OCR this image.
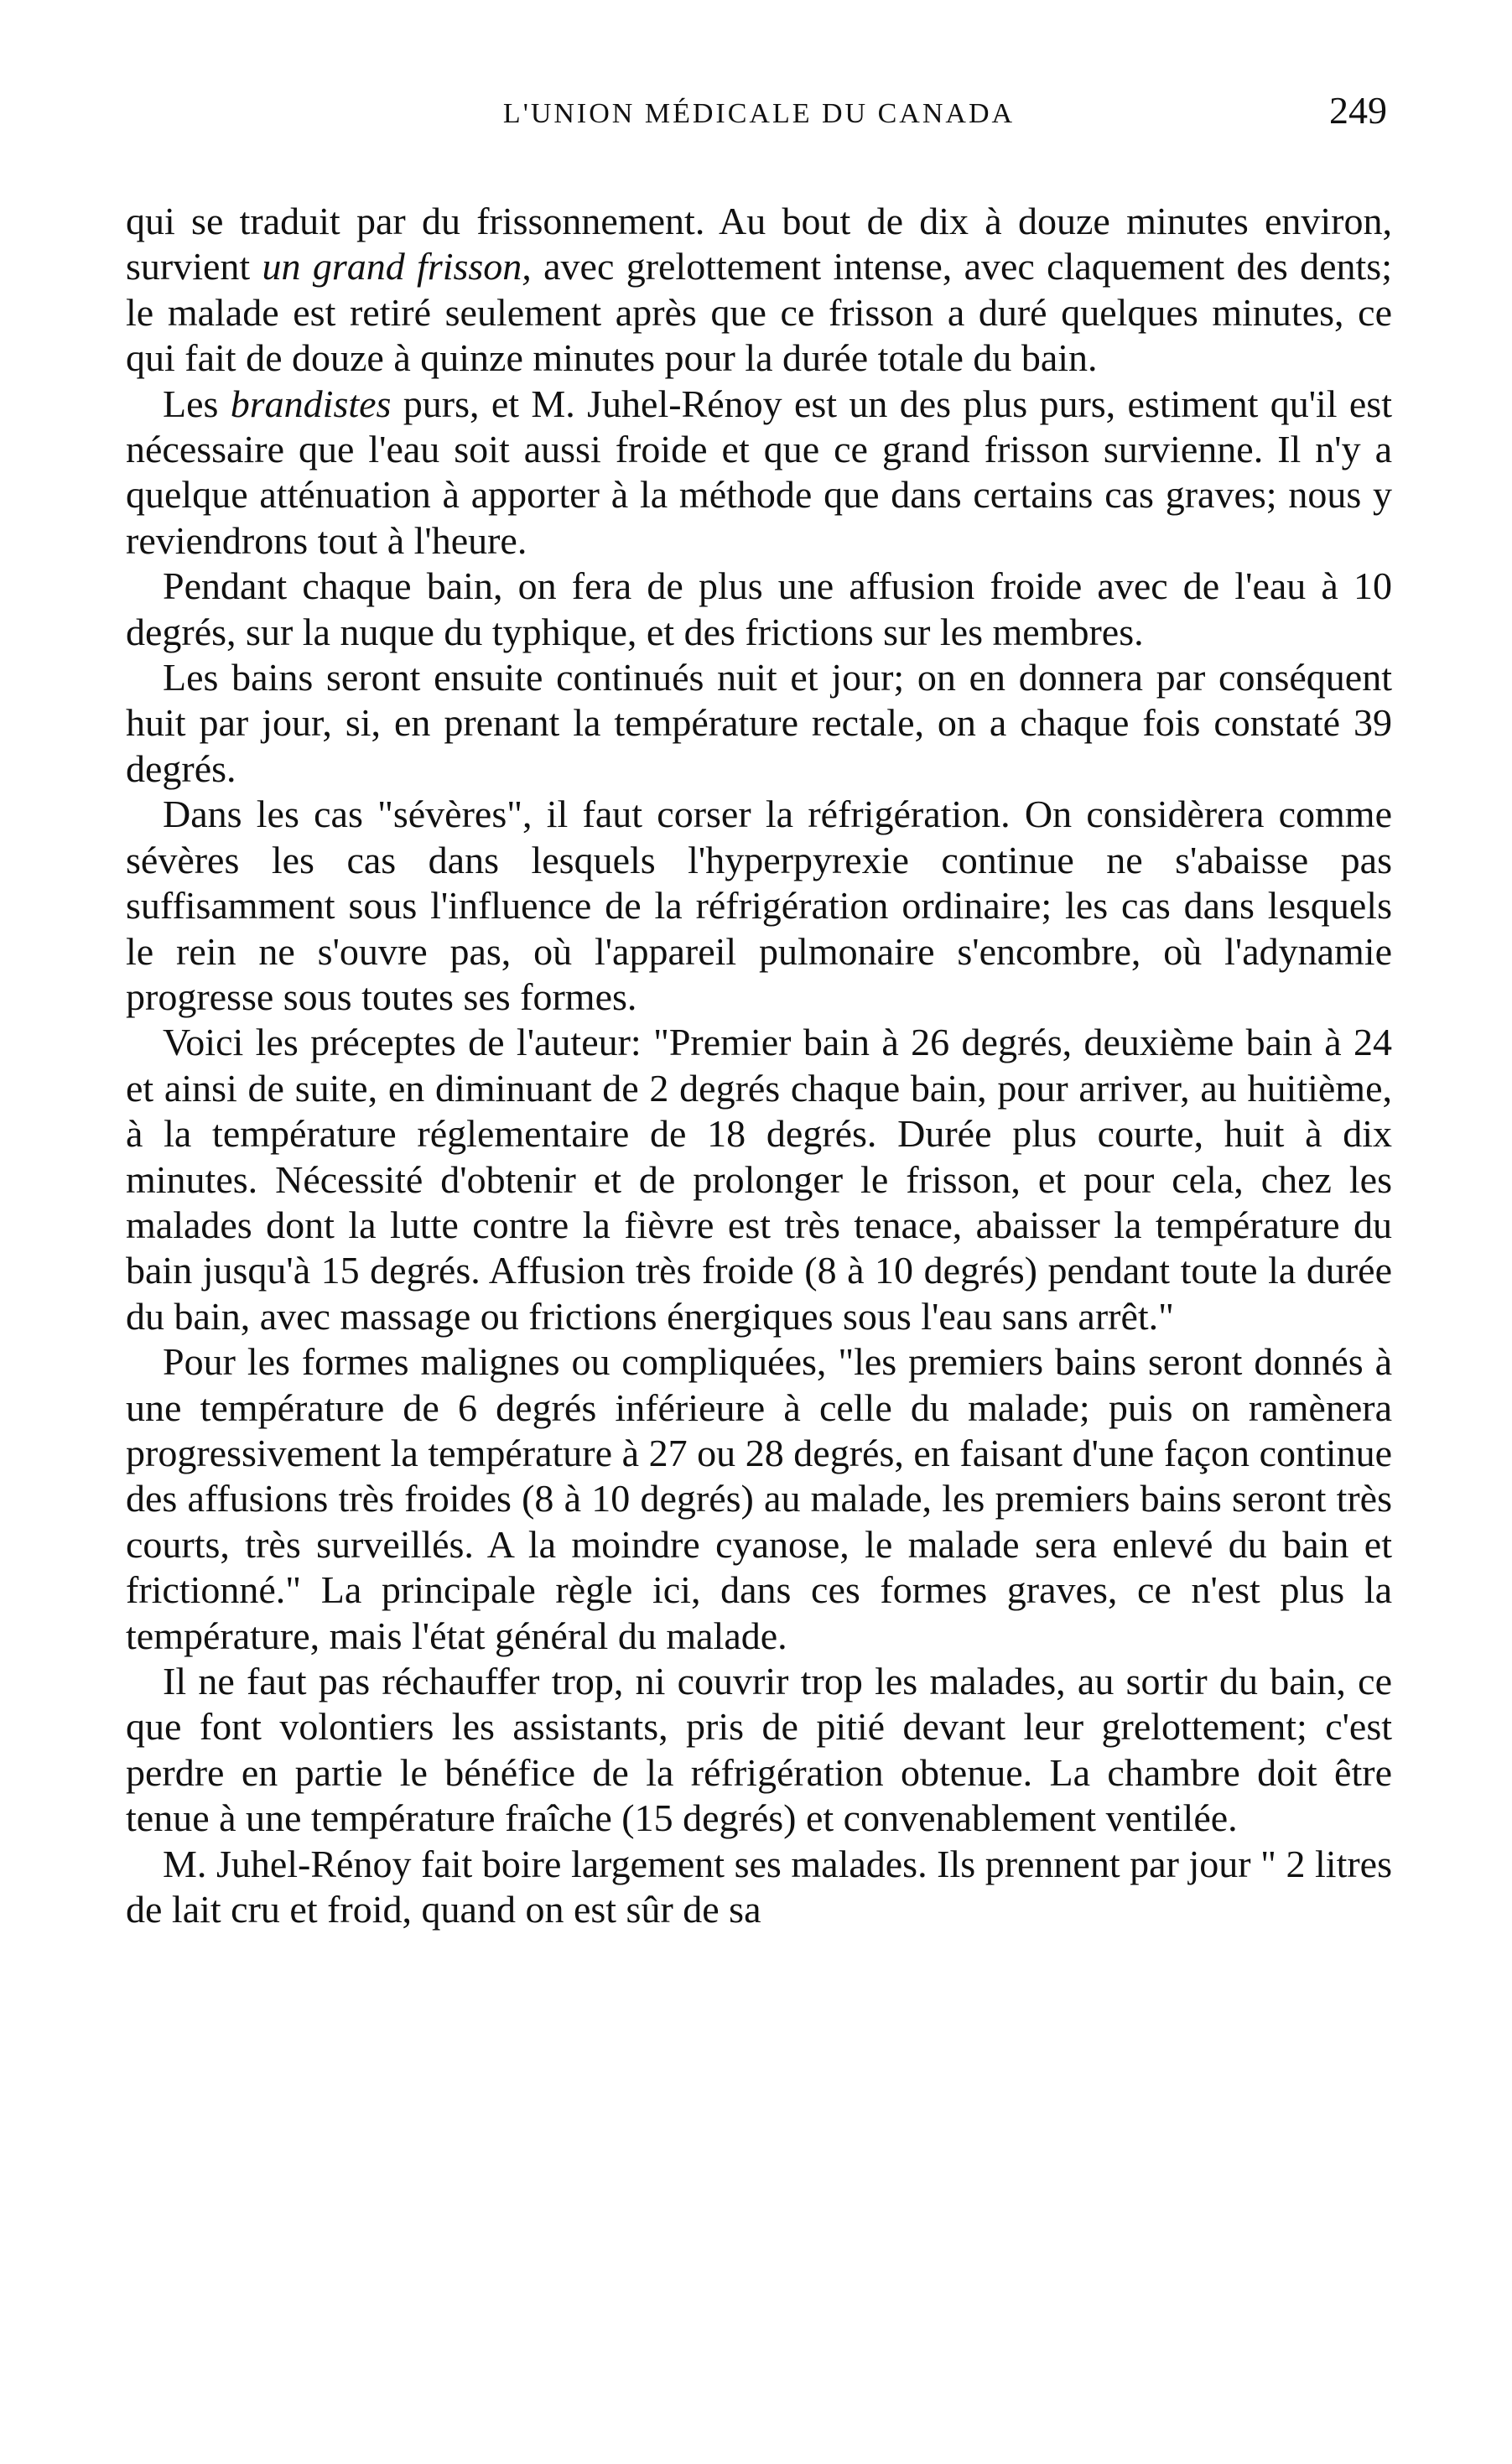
L'UNION MÉDICALE DU CANADA	249

qui se traduit par du frissonnement. Au bout de dix à douze minutes environ, survient un grand frisson, avec grelottement intense, avec claquement des dents; le malade est retiré seulement après que ce frisson a duré quelques minutes, ce qui fait de douze à quinze minutes pour la durée totale du bain.

Les brandistes purs, et M. Juhel-Rénoy est un des plus purs, estiment qu'il est nécessaire que l'eau soit aussi froide et que ce grand frisson survienne. Il n'y a quelque atténuation à apporter à la méthode que dans certains cas graves; nous y reviendrons tout à l'heure.

Pendant chaque bain, on fera de plus une affusion froide avec de l'eau à 10 degrés, sur la nuque du typhique, et des frictions sur les membres.

Les bains seront ensuite continués nuit et jour; on en donnera par conséquent huit par jour, si, en prenant la température rectale, on a chaque fois constaté 39 degrés.

Dans les cas "sévères", il faut corser la réfrigération. On considèrera comme sévères les cas dans lesquels l'hyperpyrexie continue ne s'abaisse pas suffisamment sous l'influence de la réfrigération ordinaire; les cas dans lesquels le rein ne s'ouvre pas, où l'appareil pulmonaire s'encombre, où l'adynamie progresse sous toutes ses formes.

Voici les préceptes de l'auteur: "Premier bain à 26 degrés, deuxième bain à 24 et ainsi de suite, en diminuant de 2 degrés chaque bain, pour arriver, au huitième, à la température réglementaire de 18 degrés. Durée plus courte, huit à dix minutes. Nécessité d'obtenir et de prolonger le frisson, et pour cela, chez les malades dont la lutte contre la fièvre est très tenace, abaisser la température du bain jusqu'à 15 degrés. Affusion très froide (8 à 10 degrés) pendant toute la durée du bain, avec massage ou frictions énergiques sous l'eau sans arrêt."

Pour les formes malignes ou compliquées, "les premiers bains seront donnés à une température de 6 degrés inférieure à celle du malade; puis on ramènera progressivement la température à 27 ou 28 degrés, en faisant d'une façon continue des affusions très froides (8 à 10 degrés) au malade, les premiers bains seront très courts, très surveillés. A la moindre cyanose, le malade sera enlevé du bain et frictionné." La principale règle ici, dans ces formes graves, ce n'est plus la température, mais l'état général du malade.

Il ne faut pas réchauffer trop, ni couvrir trop les malades, au sortir du bain, ce que font volontiers les assistants, pris de pitié devant leur grelottement; c'est perdre en partie le bénéfice de la réfrigération obtenue. La chambre doit être tenue à une température fraîche (15 degrés) et convenablement ventilée.

M. Juhel-Rénoy fait boire largement ses malades. Ils prennent par jour " 2 litres de lait cru et froid, quand on est sûr de sa
